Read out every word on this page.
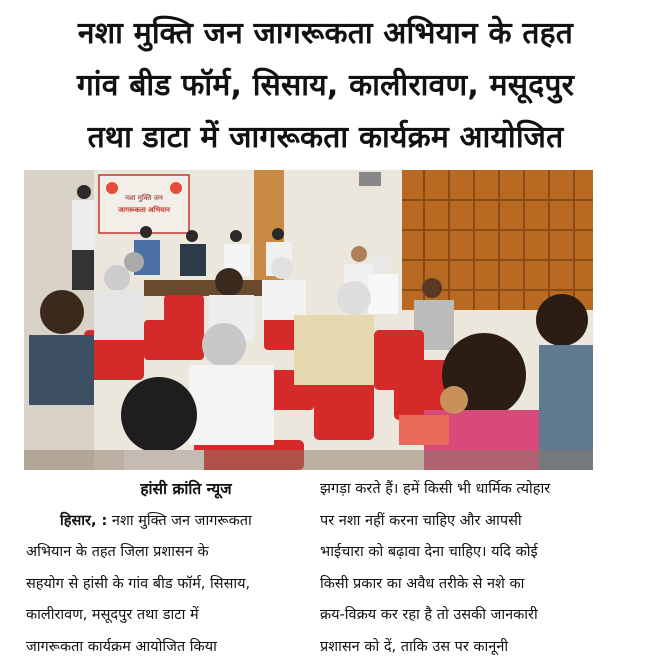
नशा मुक्ति जन जागरूकता अभियान के तहत
गांव बीड फॉर्म, सिसाय, कालीरावण, मसूदपुर
तथा डाटा में जागरूकता कार्यक्रम आयोजित
नशा मुक्ति जन
जागरूकता अभियान
हांसी क्रांति न्यूज
हिसार, : नशा मुक्ति जन जागरूकता
अभियान के तहत जिला प्रशासन के
सहयोग से हांसी के गांव बीड फॉर्म, सिसाय,
कालीरावण, मसूदपुर तथा डाटा में
जागरूकता कार्यक्रम आयोजित किया
झगड़ा करते हैं। हमें किसी भी धार्मिक त्योहार
पर नशा नहीं करना चाहिए और आपसी
भाईचारा को बढ़ावा देना चाहिए। यदि कोई
किसी प्रकार का अवैध तरीके से नशे का
क्रय-विक्रय कर रहा है तो उसकी जानकारी
प्रशासन को दें, ताकि उस पर कानूनी
